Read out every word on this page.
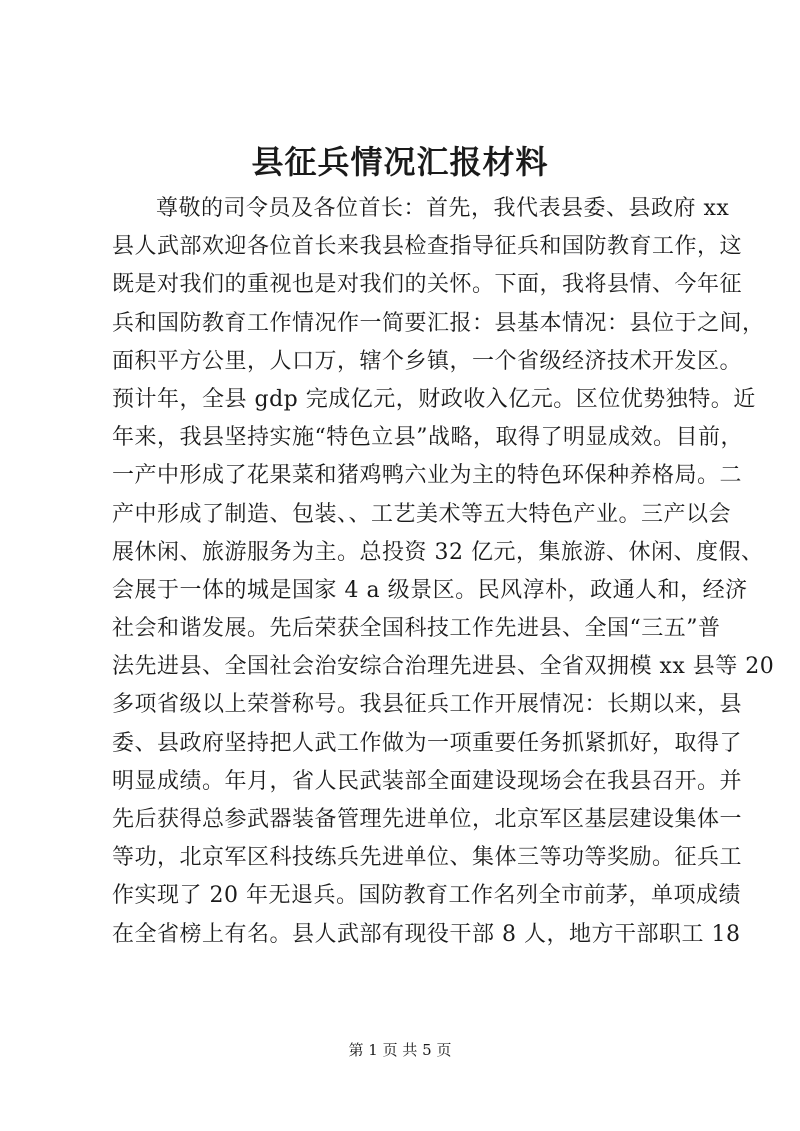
县征兵情况汇报材料
尊敬的司令员及各位首长：首先，我代表县委、县政府 xx
县人武部欢迎各位首长来我县检查指导征兵和国防教育工作，这
既是对我们的重视也是对我们的关怀。下面，我将县情、今年征
兵和国防教育工作情况作一简要汇报：县基本情况：县位于之间，
面积平方公里，人口万，辖个乡镇，一个省级经济技术开发区。
预计年，全县 gdp 完成亿元，财政收入亿元。区位优势独特。近
年来，我县坚持实施“特色立县”战略，取得了明显成效。目前，
一产中形成了花果菜和猪鸡鸭六业为主的特色环保种养格局。二
产中形成了制造、包装、、工艺美术等五大特色产业。三产以会
展休闲、旅游服务为主。总投资 32 亿元，集旅游、休闲、度假、
会展于一体的城是国家 4 a 级景区。民风淳朴，政通人和，经济
社会和谐发展。先后荣获全国科技工作先进县、全国“三五”普
法先进县、全国社会治安综合治理先进县、全省双拥模 xx 县等 20
多项省级以上荣誉称号。我县征兵工作开展情况：长期以来，县
委、县政府坚持把人武工作做为一项重要任务抓紧抓好，取得了
明显成绩。年月，省人民武装部全面建设现场会在我县召开。并
先后获得总参武器装备管理先进单位，北京军区基层建设集体一
等功，北京军区科技练兵先进单位、集体三等功等奖励。征兵工
作实现了 20 年无退兵。国防教育工作名列全市前茅，单项成绩
在全省榜上有名。县人武部有现役干部 8 人，地方干部职工 18
第 1 页 共 5 页
